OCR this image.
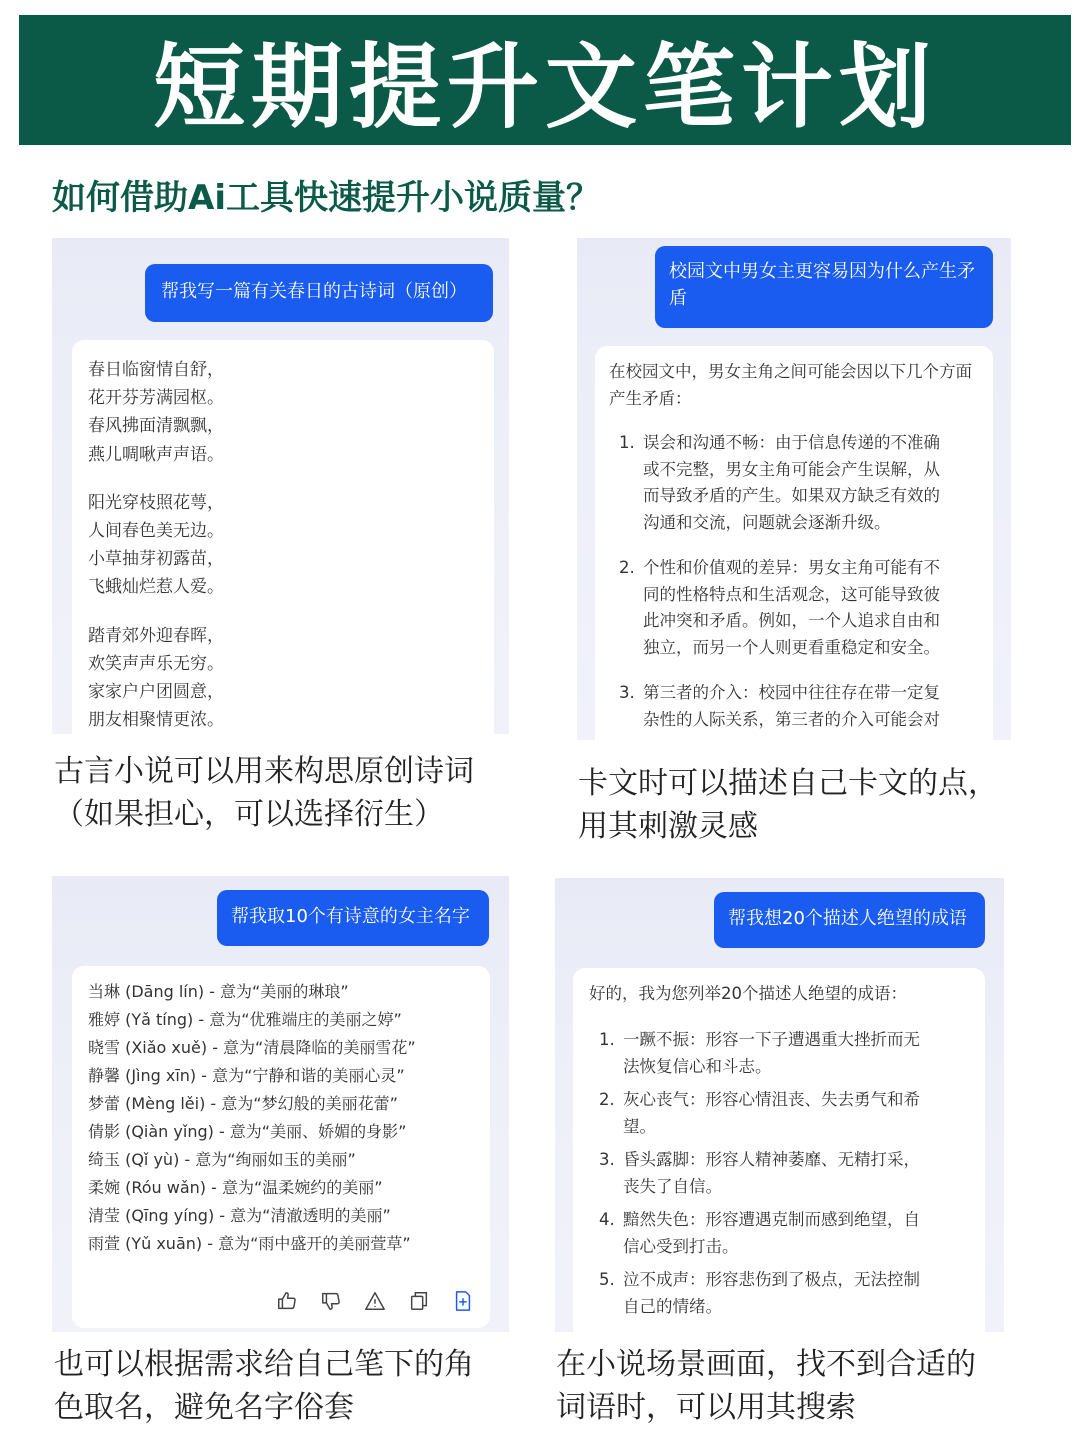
短期提升文笔计划
如何借助Ai工具快速提升小说质量？
帮我写一篇有关春日的古诗词（原创）

春日临窗情自舒，

花开芬芳满园枢。

春风拂面清飘飘，

燕儿啁啾声声语。

阳光穿枝照花萼，

人间春色美无边。

小草抽芽初露苗，

飞蛾灿烂惹人爱。

踏青郊外迎春晖，

欢笑声声乐无穷。

家家户户团圆意，

朋友相聚情更浓。

古言小说可以用来构思原创诗词
（如果担心，可以选择衍生）
校园文中男女主更容易因为什么产生矛盾

在校园文中，男女主角之间可能会因以下几个方面产生矛盾：

1. 误会和沟通不畅：由于信息传递的不准确
或不完整，男女主角可能会产生误解，从
而导致矛盾的产生。如果双方缺乏有效的
沟通和交流，问题就会逐渐升级。
2. 个性和价值观的差异：男女主角可能有不
同的性格特点和生活观念，这可能导致彼
此冲突和矛盾。例如，一个人追求自由和
独立，而另一个人则更看重稳定和安全。
3. 第三者的介入：校园中往往存在带一定复
杂性的人际关系，第三者的介入可能会对
卡文时可以描述自己卡文的点，
用其刺激灵感
帮我取10个有诗意的女主名字

当琳 (Dāng lín) - 意为“美丽的琳琅”

雅婷 (Yǎ tíng) - 意为“优雅端庄的美丽之婷”

晓雪 (Xiǎo xuě) - 意为“清晨降临的美丽雪花”

静馨 (Jìng xīn) - 意为“宁静和谐的美丽心灵”

梦蕾 (Mèng lěi) - 意为“梦幻般的美丽花蕾”

倩影 (Qiàn yǐng) - 意为“美丽、娇媚的身影”

绮玉 (Qǐ yù) - 意为“绚丽如玉的美丽”

柔婉 (Róu wǎn) - 意为“温柔婉约的美丽”

清莹 (Qīng yíng) - 意为“清澈透明的美丽”

雨萱 (Yǔ xuān) - 意为“雨中盛开的美丽萱草”

也可以根据需求给自己笔下的角
色取名，避免名字俗套
帮我想20个描述人绝望的成语

好的，我为您列举20个描述人绝望的成语：

1. 一蹶不振：形容一下子遭遇重大挫折而无
法恢复信心和斗志。
2. 灰心丧气：形容心情沮丧、失去勇气和希
望。
3. 昏头露脚：形容人精神萎靡、无精打采，
丧失了自信。
4. 黯然失色：形容遭遇克制而感到绝望，自
信心受到打击。
5. 泣不成声：形容悲伤到了极点，无法控制
自己的情绪。
在小说场景画面，找不到合适的
词语时，可以用其搜索
